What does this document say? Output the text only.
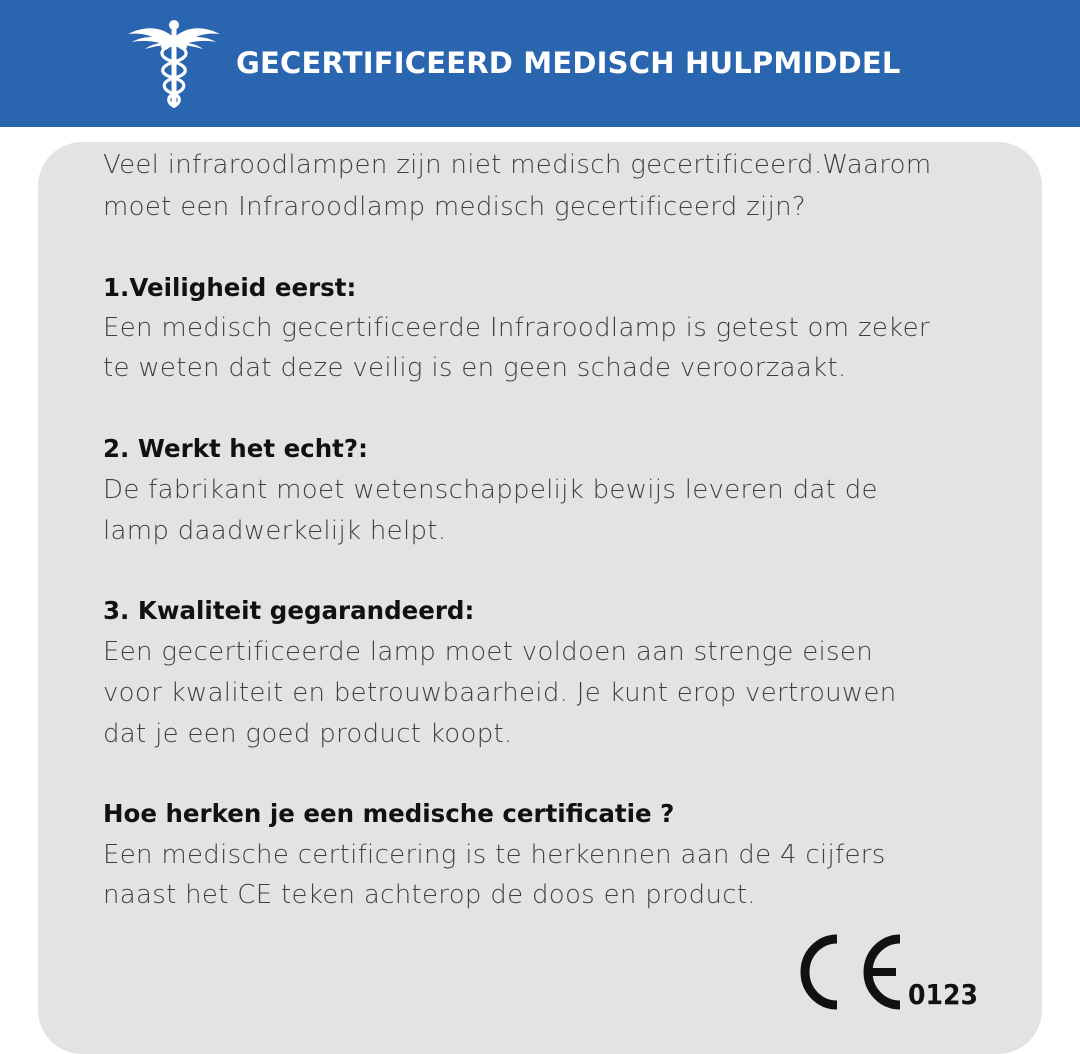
GECERTIFICEERD MEDISCH HULPMIDDEL
Veel infraroodlampen zijn niet medisch gecertificeerd.Waarom
moet een Infraroodlamp medisch gecertificeerd zijn?
1.Veiligheid eerst:
Een medisch gecertificeerde Infraroodlamp is getest om zeker
te weten dat deze veilig is en geen schade veroorzaakt.
2. Werkt het echt?:
De fabrikant moet wetenschappelijk bewijs leveren dat de
lamp daadwerkelijk helpt.
3. Kwaliteit gegarandeerd:
Een gecertificeerde lamp moet voldoen aan strenge eisen
voor kwaliteit en betrouwbaarheid. Je kunt erop vertrouwen
dat je een goed product koopt.
Hoe herken je een medische certificatie ?
Een medische certificering is te herkennen aan de 4 cijfers
naast het CE teken achterop de doos en product.
0123
